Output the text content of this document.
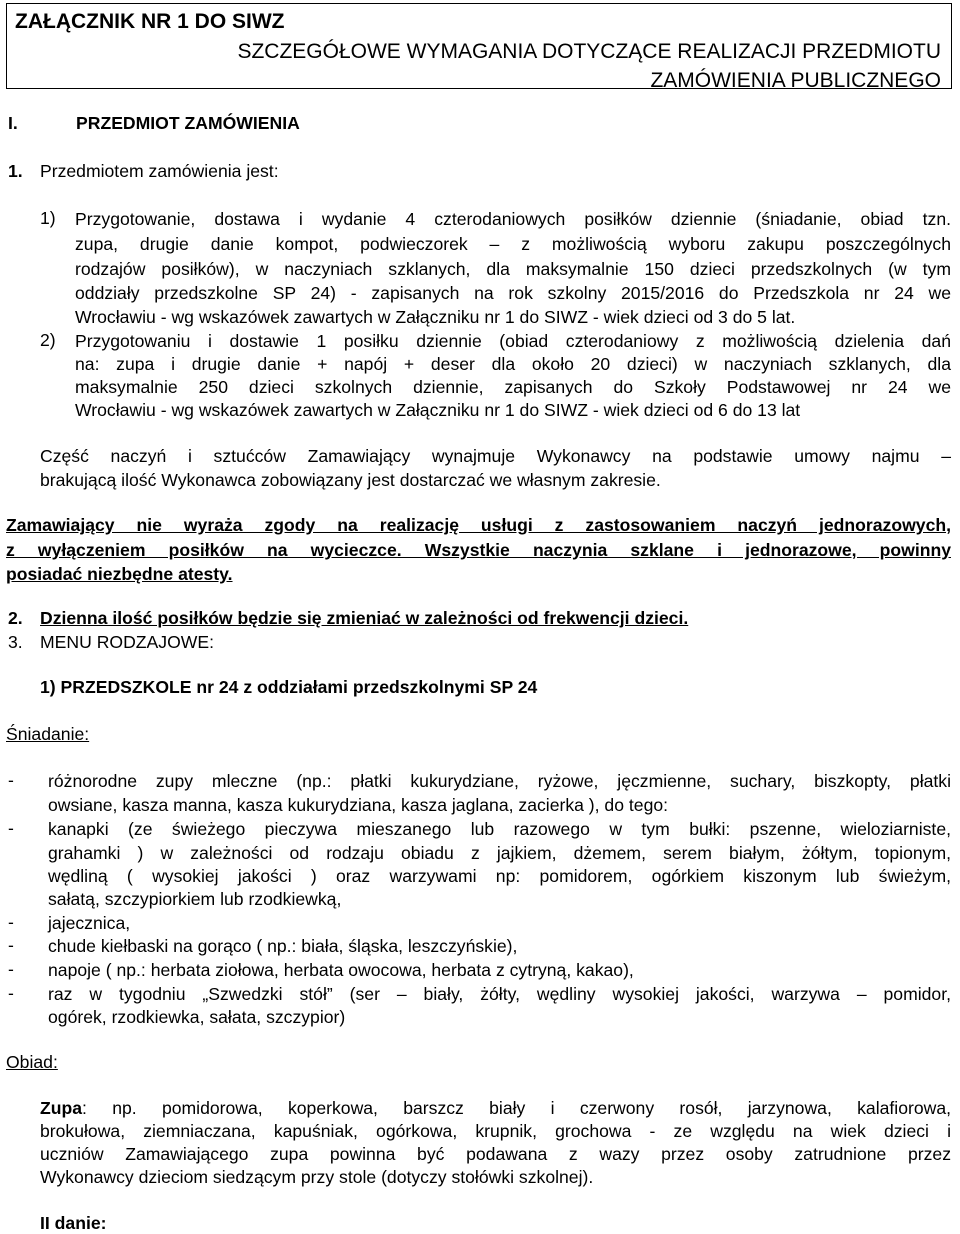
ZAŁĄCZNIK NR 1 DO SIWZ
SZCZEGÓŁOWE WYMAGANIA DOTYCZĄCE REALIZACJI PRZEDMIOTU
ZAMÓWIENIA PUBLICZNEGO
I.	PRZEDMIOT ZAMÓWIENIA
1. Przedmiotem zamówienia jest:
1) Przygotowanie, dostawa i wydanie 4 czterodaniowych posiłków dziennie (śniadanie, obiad tzn.
zupa, drugie danie kompot, podwieczorek – z możliwością wyboru zakupu poszczególnych
rodzajów posiłków), w naczyniach szklanych, dla maksymalnie 150 dzieci przedszkolnych (w tym
oddziały przedszkolne SP 24) - zapisanych na rok szkolny 2015/2016 do Przedszkola nr 24 we
Wrocławiu - wg wskazówek zawartych w Załączniku nr 1 do SIWZ - wiek dzieci od 3 do 5 lat.
2) Przygotowaniu i dostawie 1 posiłku dziennie (obiad czterodaniowy z możliwością dzielenia dań
na: zupa i drugie danie + napój + deser dla około 20 dzieci) w naczyniach szklanych, dla
maksymalnie 250 dzieci szkolnych dziennie, zapisanych do Szkoły Podstawowej nr 24 we
Wrocławiu - wg wskazówek zawartych w Załączniku nr 1 do SIWZ - wiek dzieci od 6 do 13 lat
Część naczyń i sztućców Zamawiający wynajmuje Wykonawcy na podstawie umowy najmu –
brakującą ilość Wykonawca zobowiązany jest dostarczać we własnym zakresie.
Zamawiający nie wyraża zgody na realizację usługi z zastosowaniem naczyń jednorazowych,
z wyłączeniem posiłków na wycieczce. Wszystkie naczynia szklane i jednorazowe, powinny
posiadać niezbędne atesty.
2. Dzienna ilość posiłków będzie się zmieniać w zależności od frekwencji dzieci.
3. MENU RODZAJOWE:
1) PRZEDSZKOLE nr 24 z oddziałami przedszkolnymi SP 24
Śniadanie:
- różnorodne zupy mleczne (np.: płatki kukurydziane, ryżowe, jęczmienne, suchary, biszkopty, płatki
owsiane, kasza manna, kasza kukurydziana, kasza jaglana, zacierka ), do tego:
- kanapki (ze świeżego pieczywa mieszanego lub razowego w tym bułki: pszenne, wieloziarniste,
grahamki ) w zależności od rodzaju obiadu z jajkiem, dżemem, serem białym, żółtym, topionym,
wędliną ( wysokiej jakości ) oraz warzywami np: pomidorem, ogórkiem kiszonym lub świeżym,
sałatą, szczypiorkiem lub rzodkiewką,
- jajecznica,
- chude kiełbaski na gorąco ( np.: biała, śląska, leszczyńskie),
- napoje ( np.: herbata ziołowa, herbata owocowa, herbata z cytryną, kakao),
- raz w tygodniu „Szwedzki stół” (ser – biały, żółty, wędliny wysokiej jakości, warzywa – pomidor,
ogórek, rzodkiewka, sałata, szczypior)
Obiad:
Zupa: np. pomidorowa, koperkowa, barszcz biały i czerwony rosół, jarzynowa, kalafiorowa,
brokułowa, ziemniaczana, kapuśniak, ogórkowa, krupnik, grochowa - ze względu na wiek dzieci i
uczniów Zamawiającego zupa powinna być podawana z wazy przez osoby zatrudnione przez
Wykonawcy dzieciom siedzącym przy stole (dotyczy stołówki szkolnej).
II danie:
